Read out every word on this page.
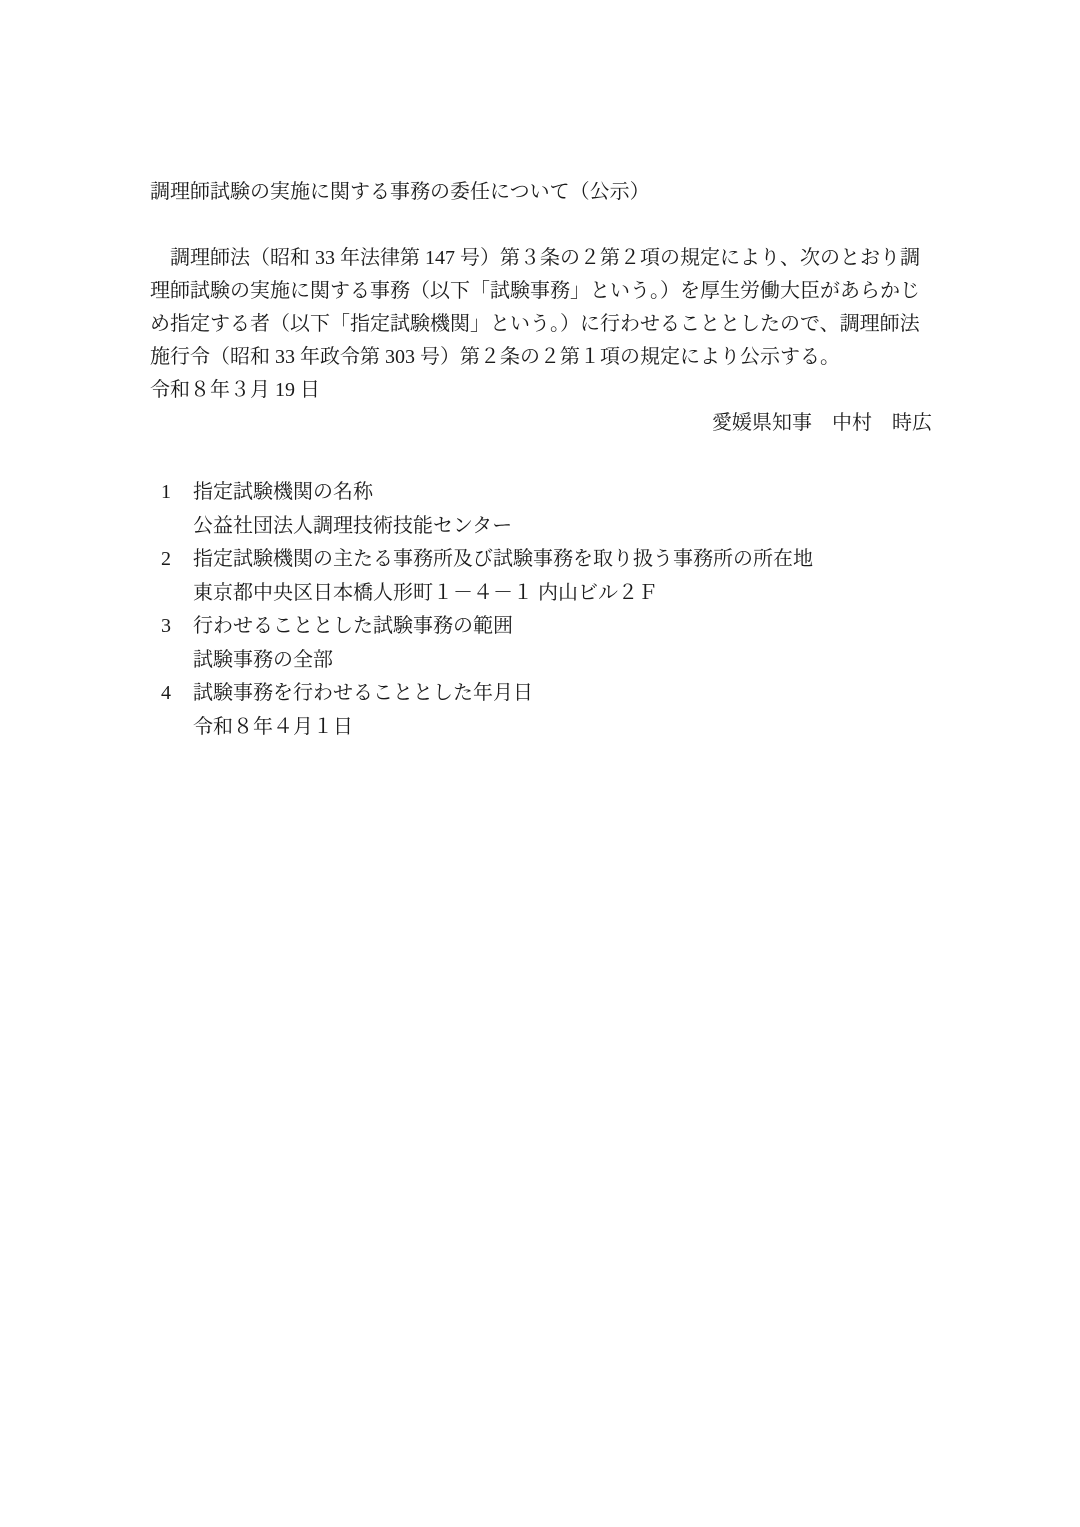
調理師試験の実施に関する事務の委任について（公示）
　調理師法（昭和 33 年法律第 147 号）第３条の２第２項の規定により、次のとおり調
理師試験の実施に関する事務（以下「試験事務」という。）を厚生労働大臣があらかじ
め指定する者（以下「指定試験機関」という。）に行わせることとしたので、調理師法
施行令（昭和 33 年政令第 303 号）第２条の２第１項の規定により公示する。
令和８年３月 19 日
愛媛県知事　中村　時広
1	指定試験機関の名称
公益社団法人調理技術技能センター
2	指定試験機関の主たる事務所及び試験事務を取り扱う事務所の所在地
東京都中央区日本橋人形町１－４－１ 内山ビル２Ｆ
3	行わせることとした試験事務の範囲
試験事務の全部
4	試験事務を行わせることとした年月日
令和８年４月１日
